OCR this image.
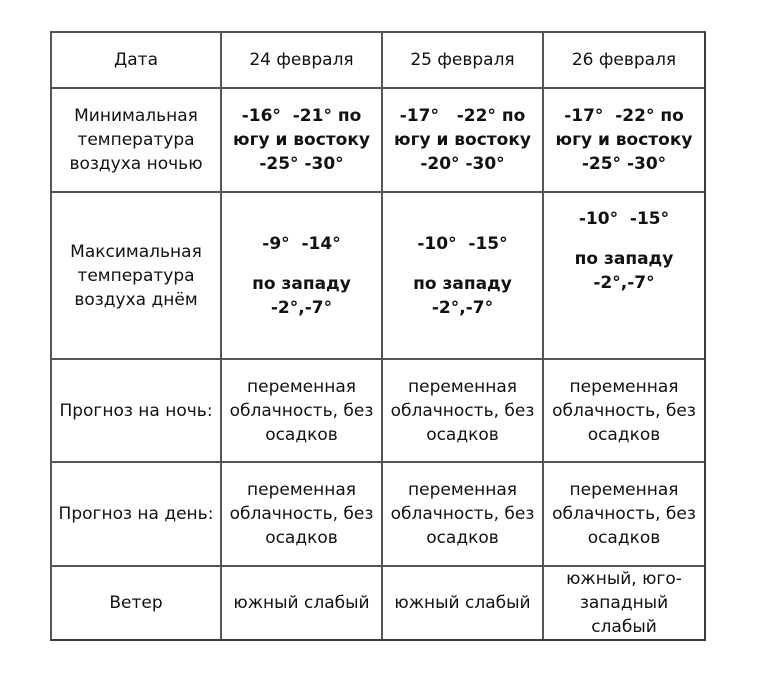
Дата	24 февраля	25 февраля	26 февраля

Минимальная
температура
воздуха ночью	-16°  -21° по
югу и востоку
-25° -30°	-17°   -22° по
югу и востоку
-20° -30°	-17°  -22° по
югу и востоку
-25° -30°

Максимальная
температура
воздуха днём	-9°  -14°
по западу
-2°,-7°	-10°  -15°
по западу
-2°,-7°	-10°  -15°
по западу
-2°,-7°

Прогноз на ночь:	переменная
облачность, без
осадков	переменная
облачность, без
осадков	переменная
облачность, без
осадков

Прогноз на день:	переменная
облачность, без
осадков	переменная
облачность, без
осадков	переменная
облачность, без
осадков

Ветер	южный слабый	южный слабый	южный, юго-
западный
слабый
